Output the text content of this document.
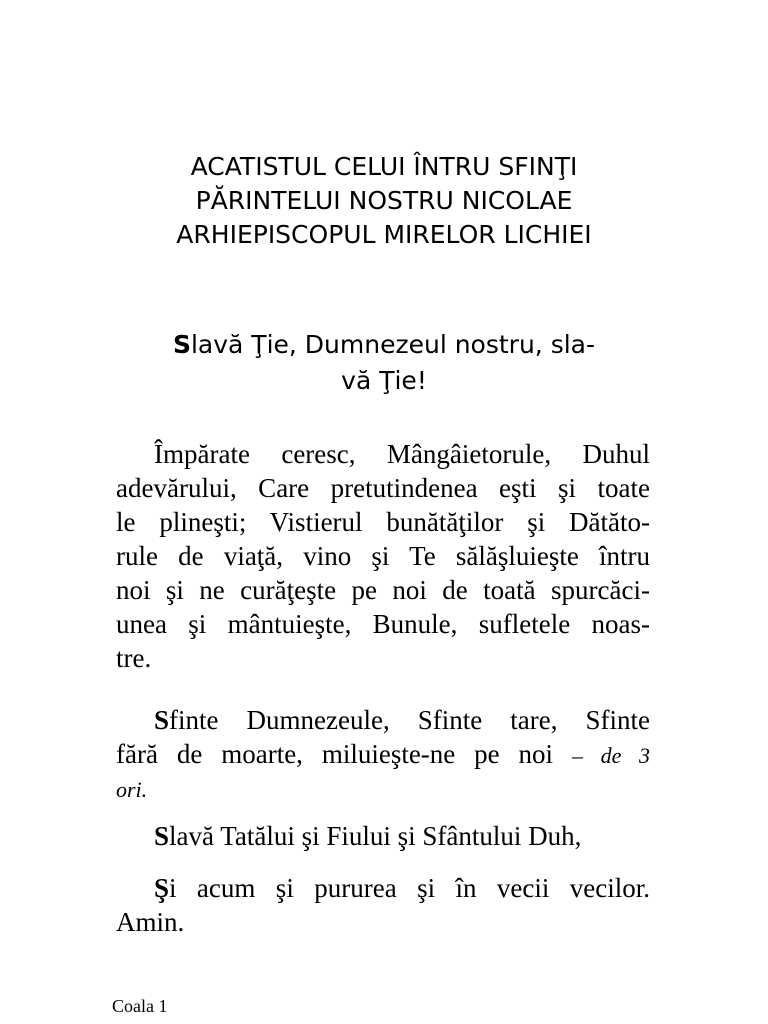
ACATISTUL CELUI ÎNTRU SFINŢI
PĂRINTELUI NOSTRU NICOLAE
ARHIEPISCOPUL MIRELOR LICHIEI
Slavă Ţie, Dumnezeul nostru, sla-
vă Ţie!
Împărate ceresc, Mângâietorule, Duhul
adevărului, Care pretutindenea eşti şi toate
le plineşti; Vistierul bunătăţilor şi Dătăto-
rule de viaţă, vino şi Te sălăşluieşte întru
noi şi ne curăţeşte pe noi de toată spurcăci-
unea şi mântuieşte, Bunule, sufletele noas-
tre.
Sfinte Dumnezeule, Sfinte tare, Sfinte
fără de moarte, miluieşte-ne pe noi – de 3
ori.
Slavă Tatălui şi Fiului şi Sfântului Duh,
Şi acum şi pururea şi în vecii vecilor.
Amin.
Coala 1
